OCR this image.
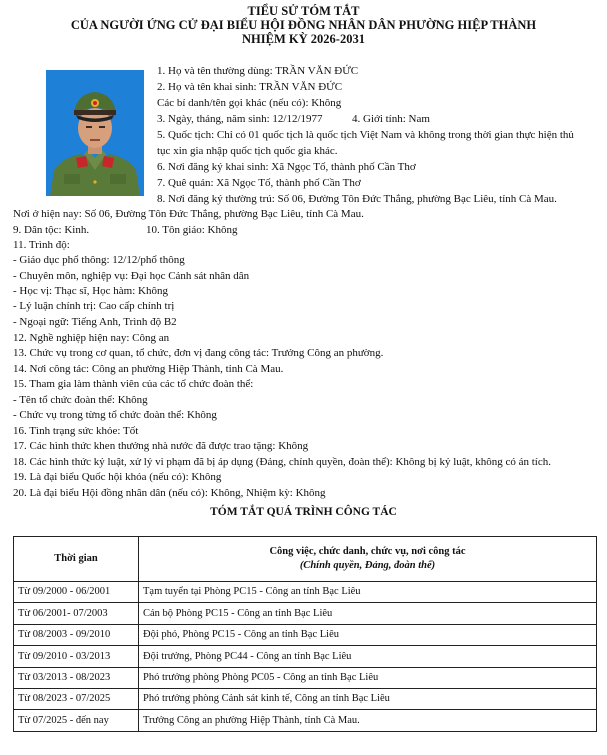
TIỂU SỬ TÓM TẮT
CỦA NGƯỜI ỨNG CỬ ĐẠI BIỂU HỘI ĐỒNG NHÂN DÂN PHƯỜNG HIỆP THÀNH
NHIỆM KỲ 2026-2031
1. Họ và tên thường dùng: TRẦN VĂN ĐỨC
2. Họ và tên khai sinh: TRẦN VĂN ĐỨC
Các bí danh/tên gọi khác (nếu có): Không
3. Ngày, tháng, năm sinh: 12/12/1977	4. Giới tính: Nam
5. Quốc tịch: Chỉ có 01 quốc tịch là quốc tịch Việt Nam và không trong thời gian thực hiện thủ
tục xin gia nhập quốc tịch quốc gia khác.
6. Nơi đăng ký khai sinh: Xã Ngọc Tố, thành phố Cần Thơ
7. Quê quán: Xã Ngọc Tố, thành phố Cần Thơ
8. Nơi đăng ký thường trú: Số 06, Đường Tôn Đức Thắng, phường Bạc Liêu, tỉnh Cà Mau.
Nơi ở hiện nay: Số 06, Đường Tôn Đức Thắng, phường Bạc Liêu, tỉnh Cà Mau.
9. Dân tộc: Kinh.	10. Tôn giáo: Không
11. Trình độ:
- Giáo dục phổ thông: 12/12/phổ thông
- Chuyên môn, nghiệp vụ: Đại học Cảnh sát nhân dân
- Học vị: Thạc sĩ, Học hàm: Không
- Lý luận chính trị: Cao cấp chính trị
- Ngoại ngữ: Tiếng Anh, Trình độ B2
12. Nghề nghiệp hiện nay: Công an
13. Chức vụ trong cơ quan, tổ chức, đơn vị đang công tác: Trưởng Công an phường.
14. Nơi công tác: Công an phường Hiệp Thành, tỉnh Cà Mau.
15. Tham gia làm thành viên của các tổ chức đoàn thể:
- Tên tổ chức đoàn thể: Không
- Chức vụ trong từng tổ chức đoàn thể: Không
16. Tình trạng sức khỏe: Tốt
17. Các hình thức khen thưởng nhà nước đã được trao tặng: Không
18. Các hình thức kỷ luật, xử lý vi phạm đã bị áp dụng (Đảng, chính quyền, đoàn thể): Không bị kỷ luật, không có án tích.
19. Là đại biểu Quốc hội khóa (nếu có): Không
20. Là đại biểu Hội đồng nhân dân (nếu có): Không, Nhiệm kỳ: Không
TÓM TẮT QUÁ TRÌNH CÔNG TÁC
Thời gian	Công việc, chức danh, chức vụ, nơi công tác
(Chính quyền, Đảng, đoàn thể)

Từ 09/2000 - 06/2001	Tạm tuyển tại Phòng PC15 - Công an tỉnh Bạc Liêu
Từ 06/2001- 07/2003	Cán bộ Phòng PC15 - Công an tỉnh Bạc Liêu
Từ 08/2003 - 09/2010	Đội phó, Phòng PC15 - Công an tỉnh Bạc Liêu
Từ 09/2010 - 03/2013	Đội trưởng, Phòng PC44 - Công an tỉnh Bạc Liêu
Từ 03/2013 - 08/2023	Phó trưởng phòng Phòng PC05 - Công an tỉnh Bạc Liêu
Từ 08/2023 - 07/2025	Phó trưởng phòng Cảnh sát kinh tế, Công an tỉnh Bạc Liêu
Từ 07/2025 - đến nay	Trưởng Công an phường Hiệp Thành, tỉnh Cà Mau.
